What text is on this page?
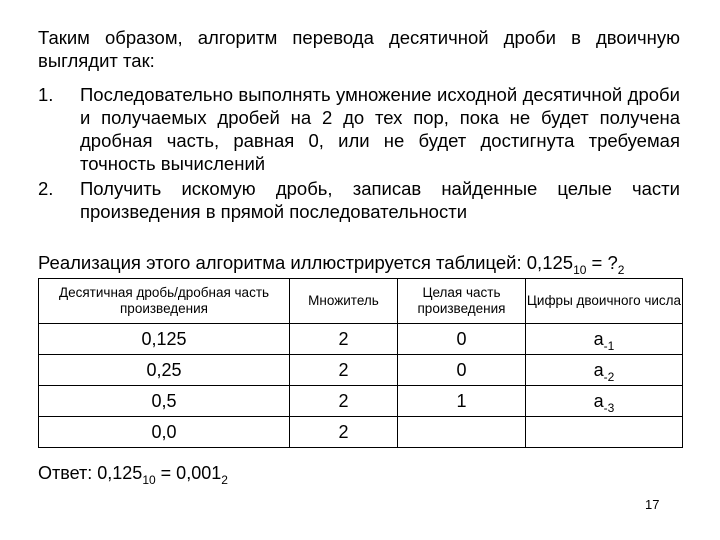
Таким образом, алгоритм перевода десятичной дроби в двоичную выглядит так:
1.	Последовательно выполнять умножение исходной десятичной дроби и получаемых дробей на 2 до тех пор, пока не будет получена дробная часть, равная 0, или не будет достигнута требуемая точность вычислений
2.	Получить искомую дробь, записав найденные целые части произведения в прямой последовательности
Реализация этого алгоритма иллюстрируется таблицей: $0,125_{10}$ = $?_2$
Десятичная дробь/дробная часть произведения	Множитель	Целая часть произведения	Цифры двоичного числа
0,125	2	0	$a_{-1}$
0,25	2	0	$a_{-2}$
0,5	2	1	$a_{-3}$
0,0	2		
Ответ: $0,125_{10} = 0,001_2$
17
